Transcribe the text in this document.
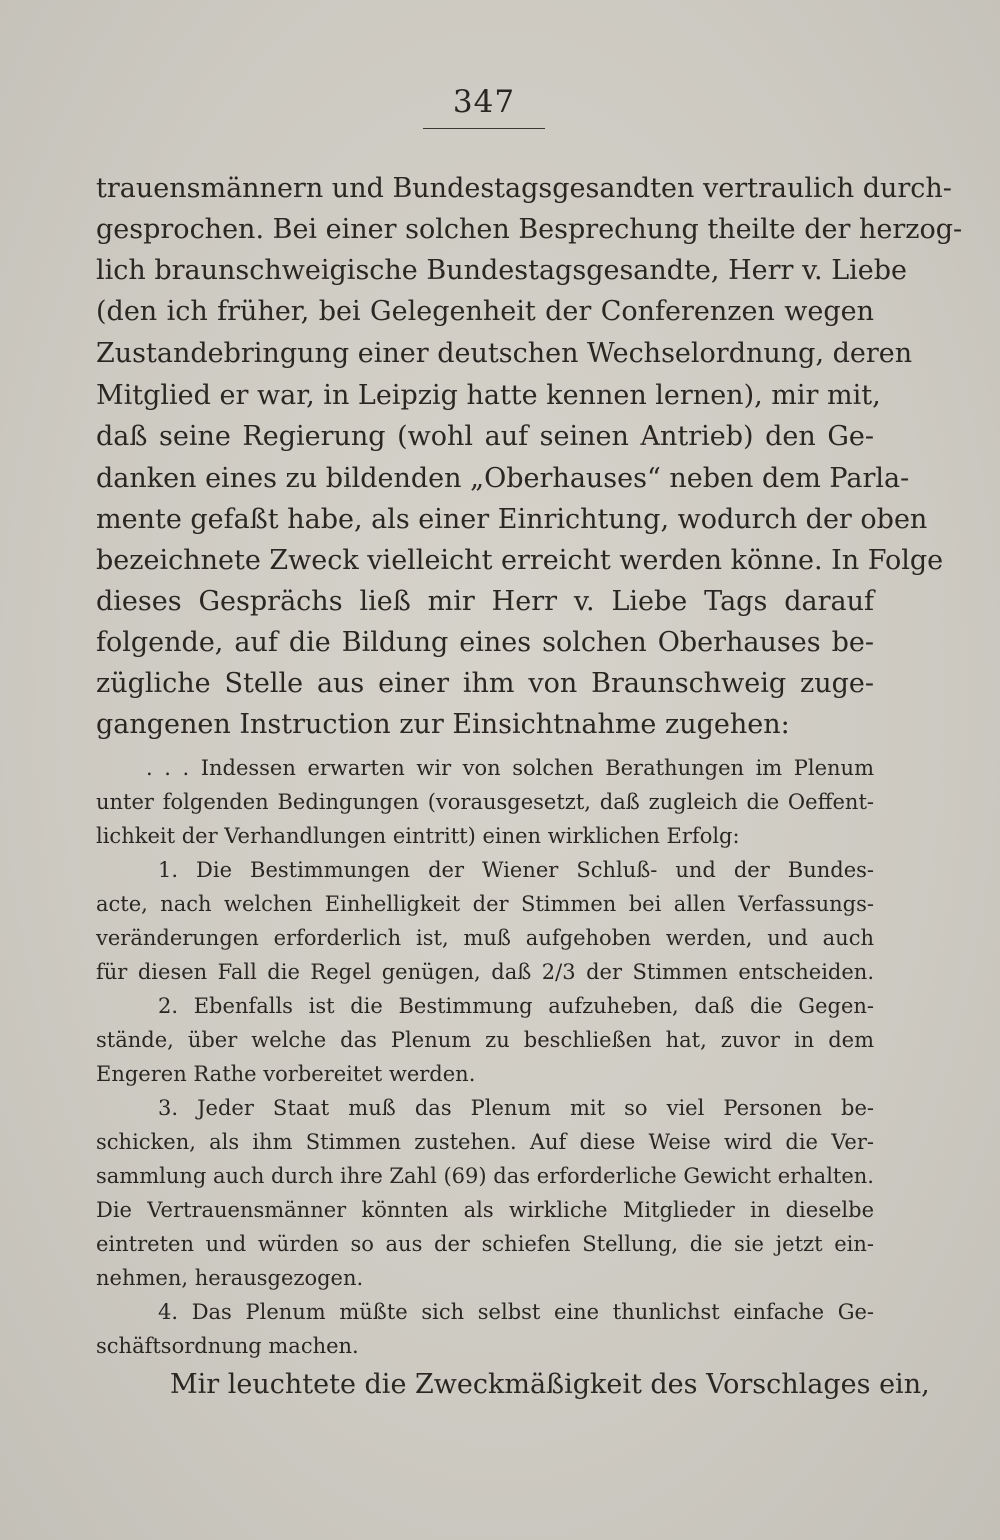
347
trauensmännern und Bundestagsgesandten vertraulich durch-
gesprochen. Bei einer solchen Besprechung theilte der herzog-
lich braunschweigische Bundestagsgesandte, Herr v. Liebe
(den ich früher, bei Gelegenheit der Conferenzen wegen
Zustandebringung einer deutschen Wechselordnung, deren
Mitglied er war, in Leipzig hatte kennen lernen), mir mit,
daß seine Regierung (wohl auf seinen Antrieb) den Ge-
danken eines zu bildenden „Oberhauses“ neben dem Parla-
mente gefaßt habe, als einer Einrichtung, wodurch der oben
bezeichnete Zweck vielleicht erreicht werden könne. In Folge
dieses Gesprächs ließ mir Herr v. Liebe Tags darauf
folgende, auf die Bildung eines solchen Oberhauses be-
zügliche Stelle aus einer ihm von Braunschweig zuge-
gangenen Instruction zur Einsichtnahme zugehen:
. . . Indessen erwarten wir von solchen Berathungen im Plenum
unter folgenden Bedingungen (vorausgesetzt, daß zugleich die Oeffent-
lichkeit der Verhandlungen eintritt) einen wirklichen Erfolg:
1. Die Bestimmungen der Wiener Schluß- und der Bundes-
acte, nach welchen Einhelligkeit der Stimmen bei allen Verfassungs-
veränderungen erforderlich ist, muß aufgehoben werden, und auch
für diesen Fall die Regel genügen, daß 2/3 der Stimmen entscheiden.
2. Ebenfalls ist die Bestimmung aufzuheben, daß die Gegen-
stände, über welche das Plenum zu beschließen hat, zuvor in dem
Engeren Rathe vorbereitet werden.
3. Jeder Staat muß das Plenum mit so viel Personen be-
schicken, als ihm Stimmen zustehen. Auf diese Weise wird die Ver-
sammlung auch durch ihre Zahl (69) das erforderliche Gewicht erhalten.
Die Vertrauensmänner könnten als wirkliche Mitglieder in dieselbe
eintreten und würden so aus der schiefen Stellung, die sie jetzt ein-
nehmen, herausgezogen.
4. Das Plenum müßte sich selbst eine thunlichst einfache Ge-
schäftsordnung machen.
Mir leuchtete die Zweckmäßigkeit des Vorschlages ein,
